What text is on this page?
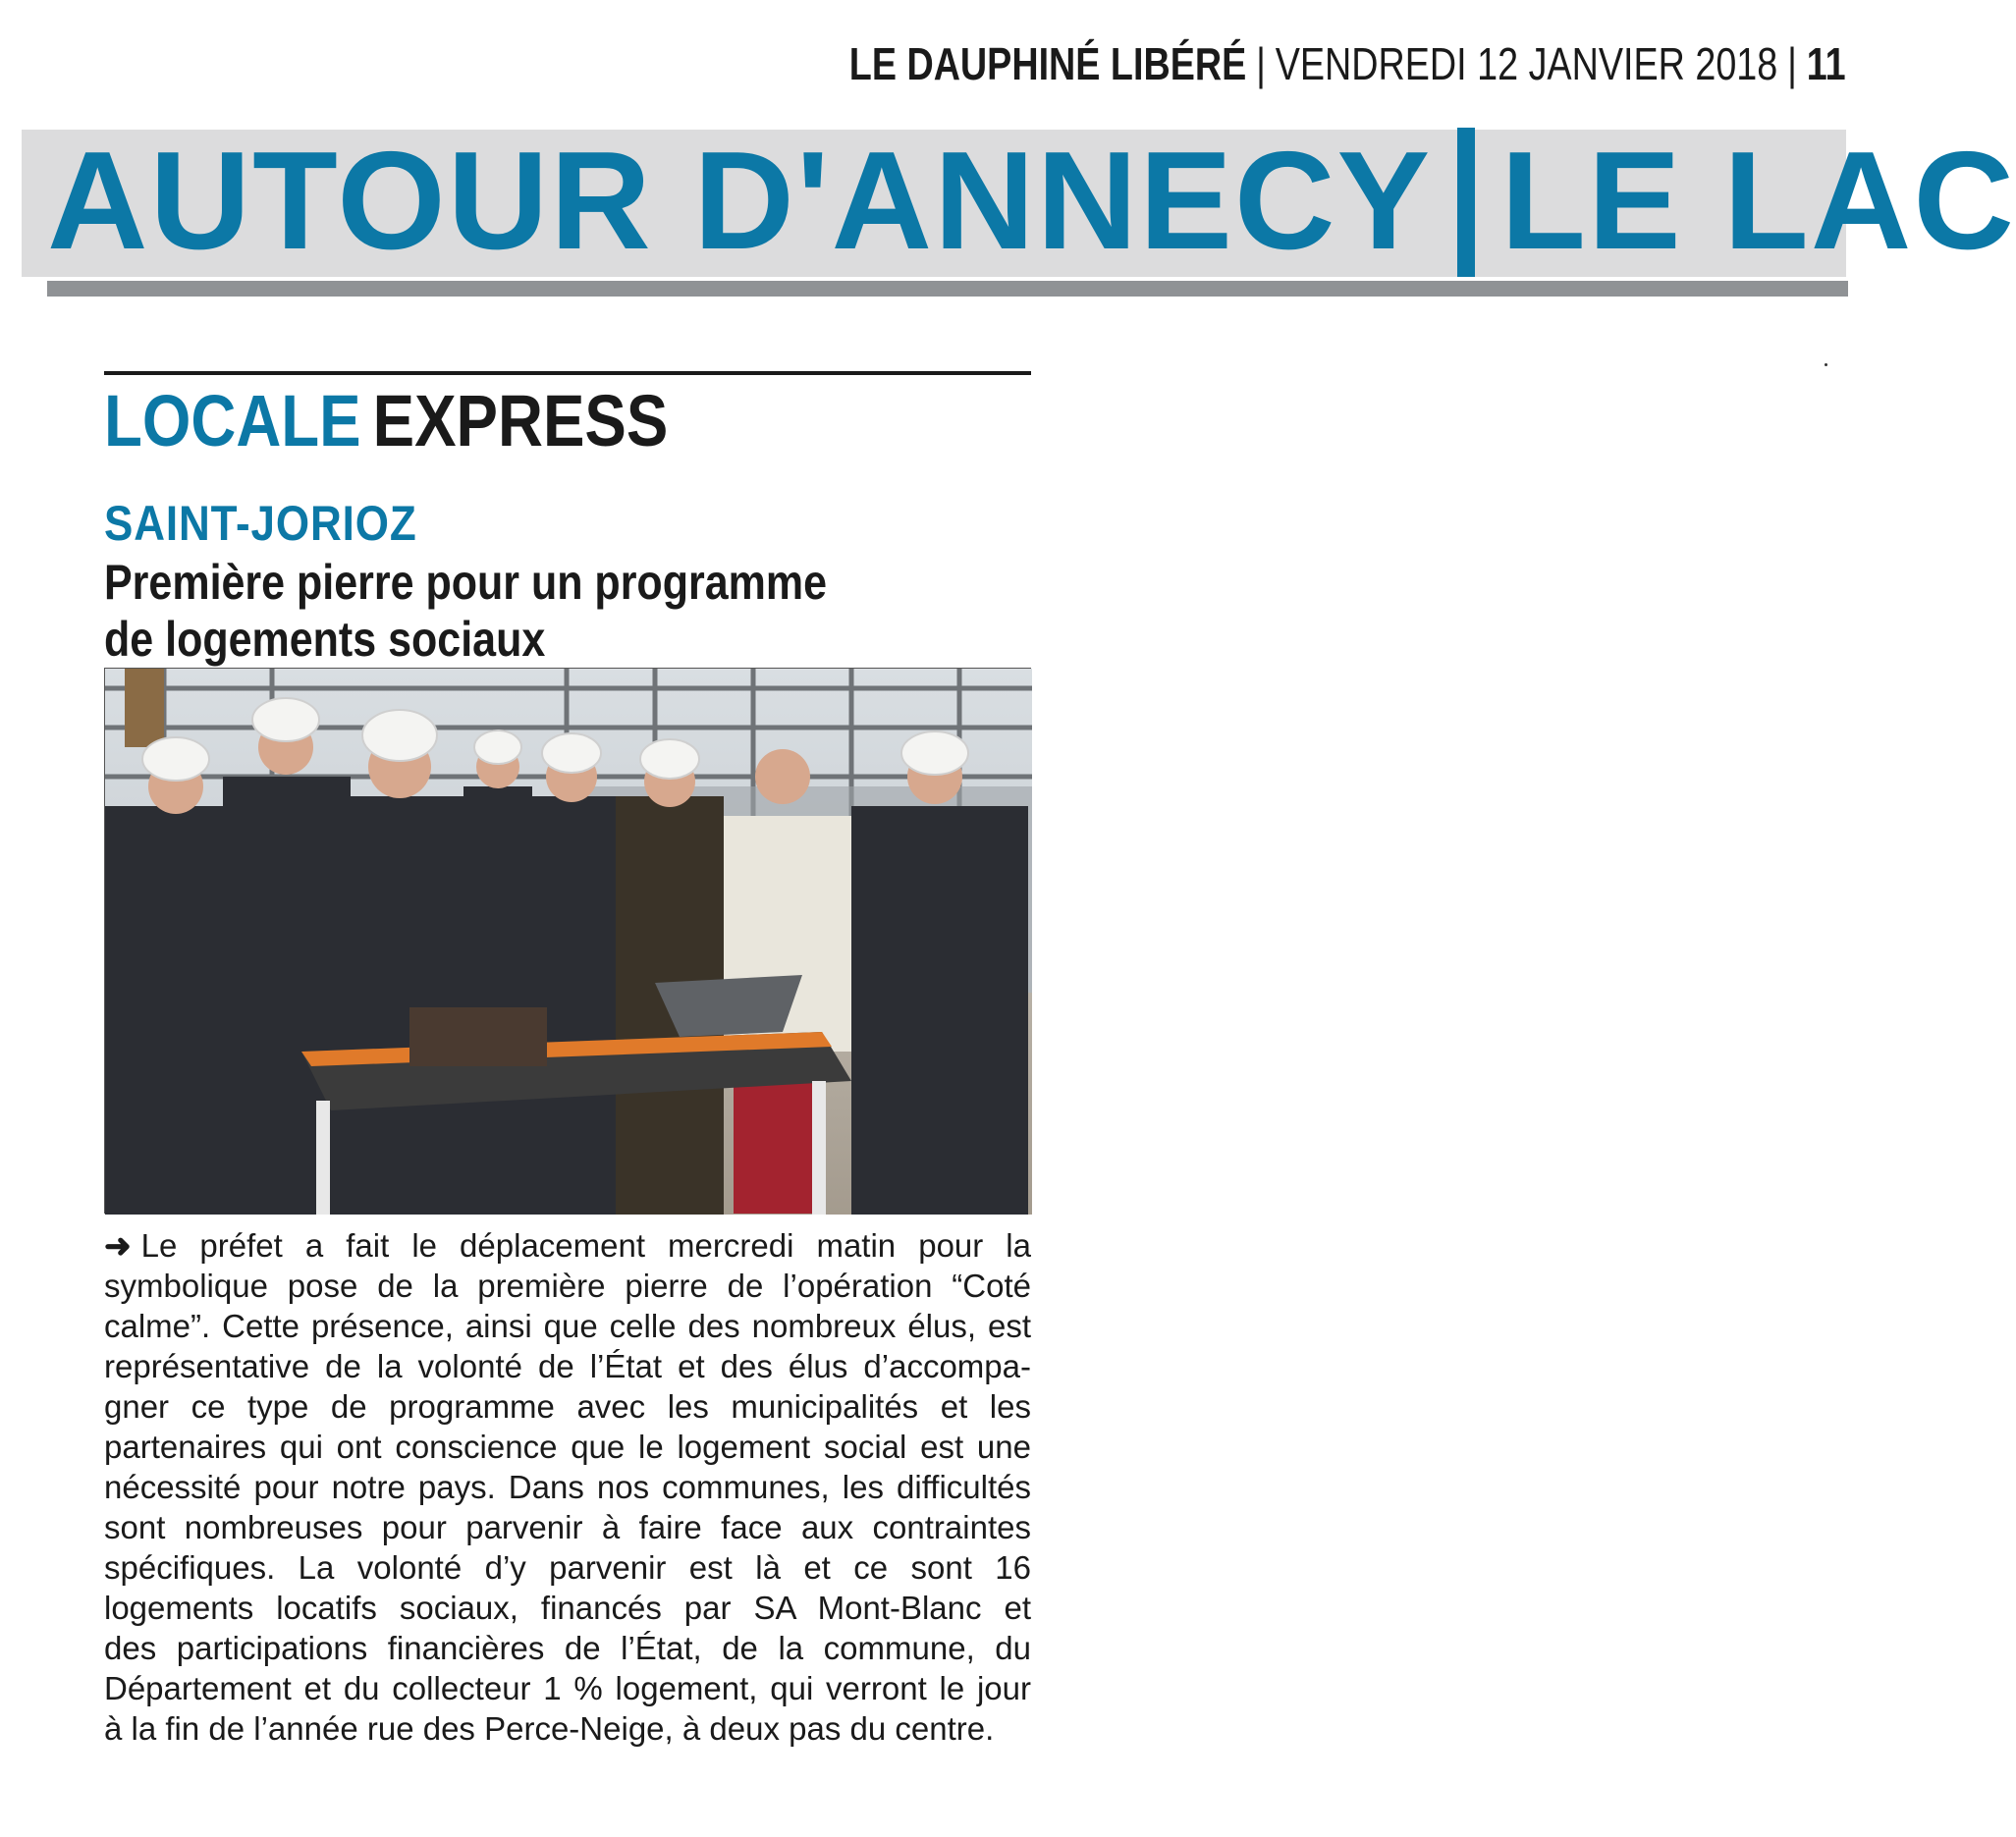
LE DAUPHINÉ LIBÉRÉ | VENDREDI 12 JANVIER 2018 | 11
AUTOUR D'ANNECY LE LAC
LOCALE EXPRESS
SAINT-JORIOZ
Première pierre pour un programme
de logements sociaux
➜ Le préfet a fait le déplacement mercredi matin pour la
symbolique pose de la première pierre de l’opération “Coté
calme”. Cette présence, ainsi que celle des nombreux élus, est
représentative de la volonté de l’État et des élus d’accompa-
gner ce type de programme avec les municipalités et les
partenaires qui ont conscience que le logement social est une
nécessité pour notre pays. Dans nos communes, les difficultés
sont nombreuses pour parvenir à faire face aux contraintes
spécifiques. La volonté d’y parvenir est là et ce sont 16
logements locatifs sociaux, financés par SA Mont-Blanc et
des participations financières de l’État, de la commune, du
Département et du collecteur 1 % logement, qui verront le jour
à la fin de l’année rue des Perce-Neige, à deux pas du centre.
